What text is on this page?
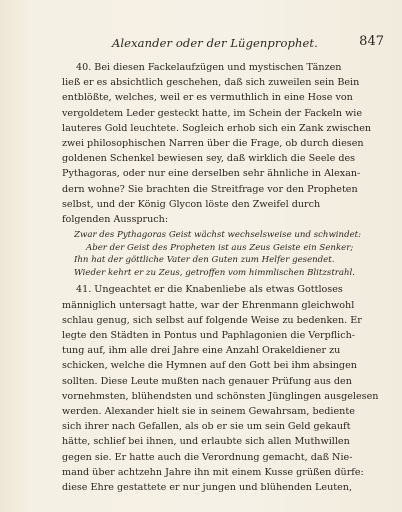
Alexander oder der Lügenprophet.	847
40. Bei diesen Fackelaufzügen und mystischen Tänzen
ließ er es absichtlich geschehen, daß sich zuweilen sein Bein
entblößte, welches, weil er es vermuthlich in eine Hose von
vergoldetem Leder gesteckt hatte, im Schein der Fackeln wie
lauteres Gold leuchtete. Sogleich erhob sich ein Zank zwischen
zwei philosophischen Narren über die Frage, ob durch diesen
goldenen Schenkel bewiesen sey, daß wirklich die Seele des
Pythagoras, oder nur eine derselben sehr ähnliche in Alexan-
dern wohne? Sie brachten die Streitfrage vor den Propheten
selbst, und der König Glycon löste den Zweifel durch
folgenden Ausspruch:
Zwar des Pythagoras Geist wächst wechselsweise und schwindet:
Aber der Geist des Propheten ist aus Zeus Geiste ein Senker;
Ihn hat der göttliche Vater den Guten zum Helfer gesendet.
Wieder kehrt er zu Zeus, getroffen vom himmlischen Blitzstrahl.
41. Ungeachtet er die Knabenliebe als etwas Gottloses
männiglich untersagt hatte, war der Ehrenmann gleichwohl
schlau genug, sich selbst auf folgende Weise zu bedenken. Er
legte den Städten in Pontus und Paphlagonien die Verpflich-
tung auf, ihm alle drei Jahre eine Anzahl Orakeldiener zu
schicken, welche die Hymnen auf den Gott bei ihm absingen
sollten. Diese Leute mußten nach genauer Prüfung aus den
vornehmsten, blühendsten und schönsten Jünglingen ausgelesen
werden. Alexander hielt sie in seinem Gewahrsam, bediente
sich ihrer nach Gefallen, als ob er sie um sein Geld gekauft
hätte, schlief bei ihnen, und erlaubte sich allen Muthwillen
gegen sie. Er hatte auch die Verordnung gemacht, daß Nie-
mand über achtzehn Jahre ihn mit einem Kusse grüßen dürfe:
diese Ehre gestattete er nur jungen und blühenden Leuten,
